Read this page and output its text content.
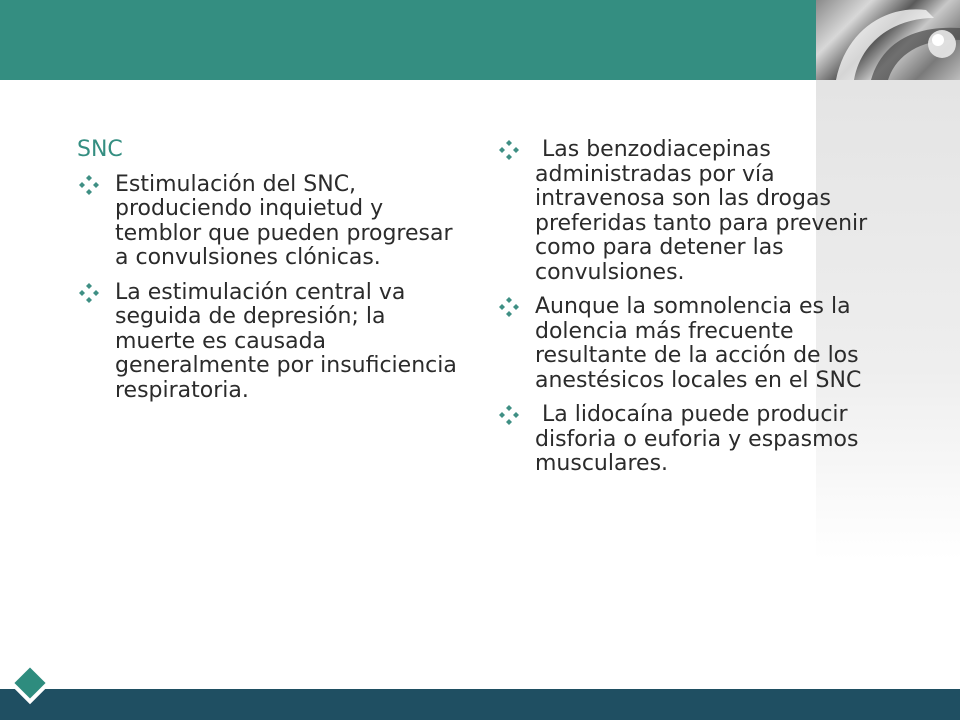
SNC
Estimulación del SNC, produciendo inquietud y temblor que pueden progresar a convulsiones clónicas.
La estimulación central va seguida de depresión; la muerte es causada generalmente por insuficiencia respiratoria.
Las benzodiacepinas administradas por vía intravenosa son las drogas preferidas tanto para prevenir como para detener las convulsiones.
Aunque la somnolencia es la dolencia más frecuente resultante de la acción de los anestésicos locales en el SNC
La lidocaína puede producir disforia o euforia y espasmos musculares.
